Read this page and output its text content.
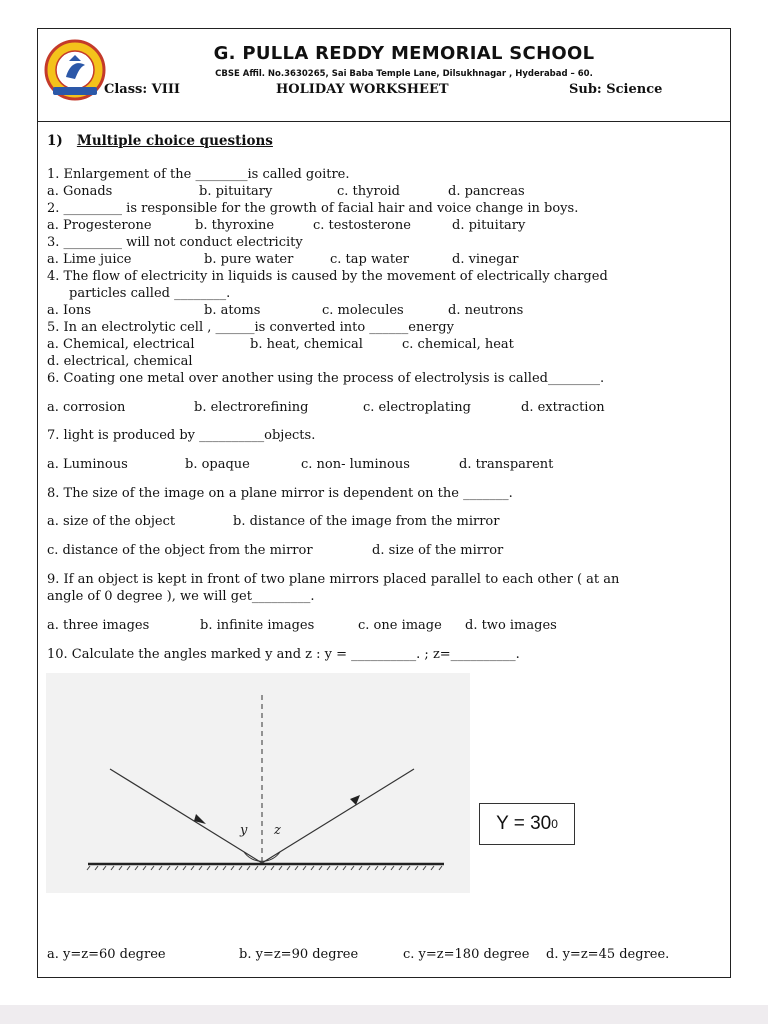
G. PULLA REDDY MEMORIAL SCHOOL
CBSE Affil. No.3630265, Sai Baba Temple Lane, Dilsukhnagar , Hyderabad – 60.
Class: VIII	HOLIDAY WORKSHEET	Sub: Science
1) Multiple choice questions
1. Enlargement of the ________is called goitre.
a. Gonads	b. pituitary	c. thyroid	d. pancreas
2. _________ is responsible for the growth of facial hair and voice change in boys.
a. Progesterone	b. thyroxine	c. testosterone	d. pituitary
3. _________ will not conduct electricity
a. Lime juice	b. pure water	c. tap water	d. vinegar
4. The flow of electricity in liquids is caused by the movement of electrically charged
particles called ________.
a. Ions	b. atoms	c. molecules	d. neutrons
5. In an electrolytic cell , ______is converted into ______energy
a. Chemical, electrical	b. heat, chemical	c. chemical, heat
d. electrical, chemical
6. Coating one metal over another using the process of electrolysis is called________.
a. corrosion	b. electrorefining	c. electroplating	d. extraction
7. light is produced by __________objects.
a. Luminous	b. opaque	c. non- luminous	d. transparent
8. The size of the image on a plane mirror is dependent on the _______.
a. size of the object	b. distance of the image from the mirror
c. distance of the object from the mirror	d. size of the mirror
9. If an object is kept in front of two plane mirrors placed parallel to each other ( at an
angle of 0 degree ), we will get_________.
a. three images	b. infinite images	c. one image d. two images
10. Calculate the angles marked y and z : y = __________. ; z=__________.
y z	Y = 30 0
a. y=z=60 degree	b. y=z=90 degree	c. y=z=180 degree d. y=z=45 degree.
